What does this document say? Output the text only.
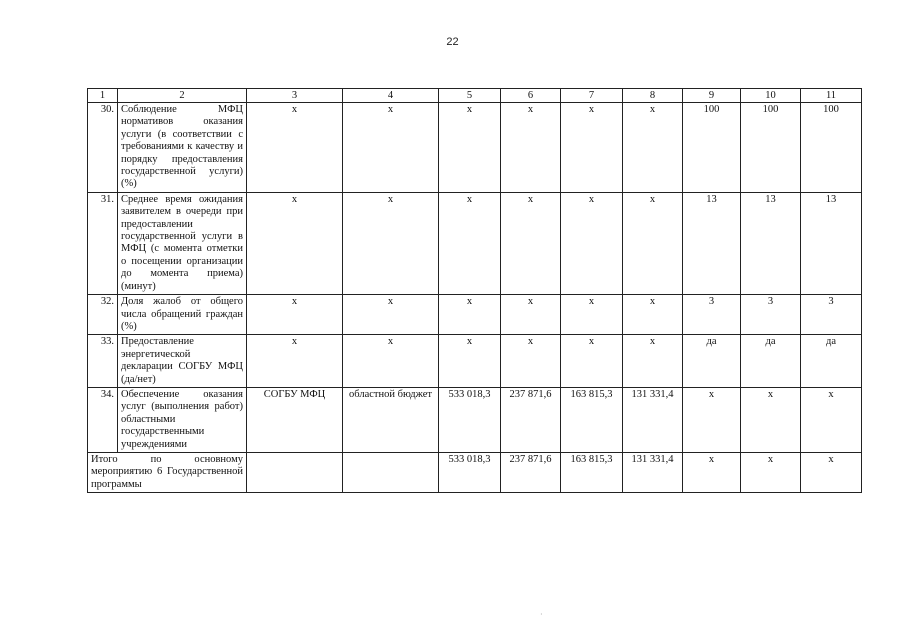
22
1	2	3	4	5	6	7	8	9	10	11
30.	Соблюдение МФЦ нормативов оказания услуги (в соответствии с требованиями к качеству и порядку предоставления государственной услуги) (%)	х	х	х	х	х	х	100	100	100
31.	Среднее время ожидания заявителем в очереди при предоставлении государственной услуги в МФЦ (с момента отметки о посещении организации до момента приема) (минут)	х	х	х	х	х	х	13	13	13
32.	Доля жалоб от общего числа обращений граждан (%)	х	х	х	х	х	х	3	3	3
33.	Предоставление энергетической декларации СОГБУ МФЦ (да/нет)	х	х	х	х	х	х	да	да	да
34.	Обеспечение оказания услуг (выполнения работ) областными государственными учреждениями	СОГБУ МФЦ	областной бюджет	533 018,3	237 871,6	163 815,3	131 331,4	х	х	х
Итого по основному мероприятию 6 Государственной программы				533 018,3	237 871,6	163 815,3	131 331,4	х	х	х
·
